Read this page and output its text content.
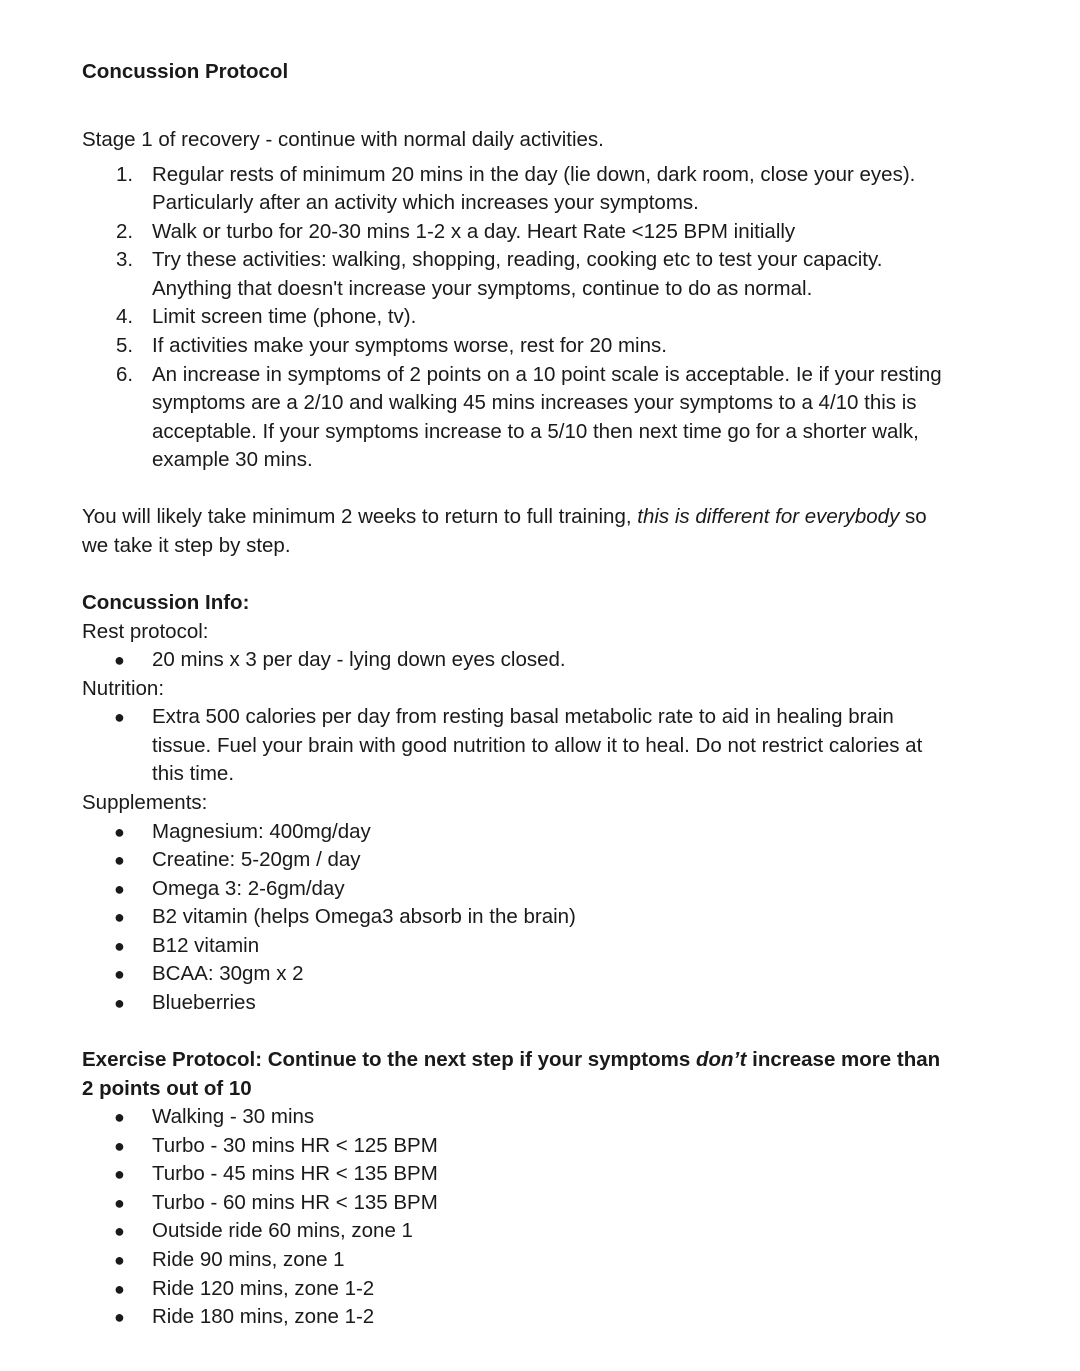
Concussion Protocol
Stage 1 of recovery - continue with normal daily activities.
1. Regular rests of minimum 20 mins in the day (lie down, dark room, close your eyes).
Particularly after an activity which increases your symptoms.
2. Walk or turbo for 20-30 mins 1-2 x a day. Heart Rate <125 BPM initially
3. Try these activities: walking, shopping, reading, cooking etc to test your capacity.
Anything that doesn't increase your symptoms, continue to do as normal.
4. Limit screen time (phone, tv).
5. If activities make your symptoms worse, rest for 20 mins.
6. An increase in symptoms of 2 points on a 10 point scale is acceptable. Ie if your resting
symptoms are a 2/10 and walking 45 mins increases your symptoms to a 4/10 this is
acceptable. If your symptoms increase to a 5/10 then next time go for a shorter walk,
example 30 mins.
You will likely take minimum 2 weeks to return to full training, this is different for everybody so
we take it step by step.
Concussion Info:
Rest protocol:
● 20 mins x 3 per day - lying down eyes closed.
Nutrition:
● Extra 500 calories per day from resting basal metabolic rate to aid in healing brain
tissue. Fuel your brain with good nutrition to allow it to heal. Do not restrict calories at
this time.
Supplements:
● Magnesium: 400mg/day
● Creatine: 5-20gm / day
● Omega 3: 2-6gm/day
● B2 vitamin (helps Omega3 absorb in the brain)
● B12 vitamin
● BCAA: 30gm x 2
● Blueberries
Exercise Protocol: Continue to the next step if your symptoms don’t increase more than
2 points out of 10
● Walking - 30 mins
● Turbo - 30 mins HR < 125 BPM
● Turbo - 45 mins HR < 135 BPM
● Turbo - 60 mins HR < 135 BPM
● Outside ride 60 mins, zone 1
● Ride 90 mins, zone 1
● Ride 120 mins, zone 1-2
● Ride 180 mins, zone 1-2
